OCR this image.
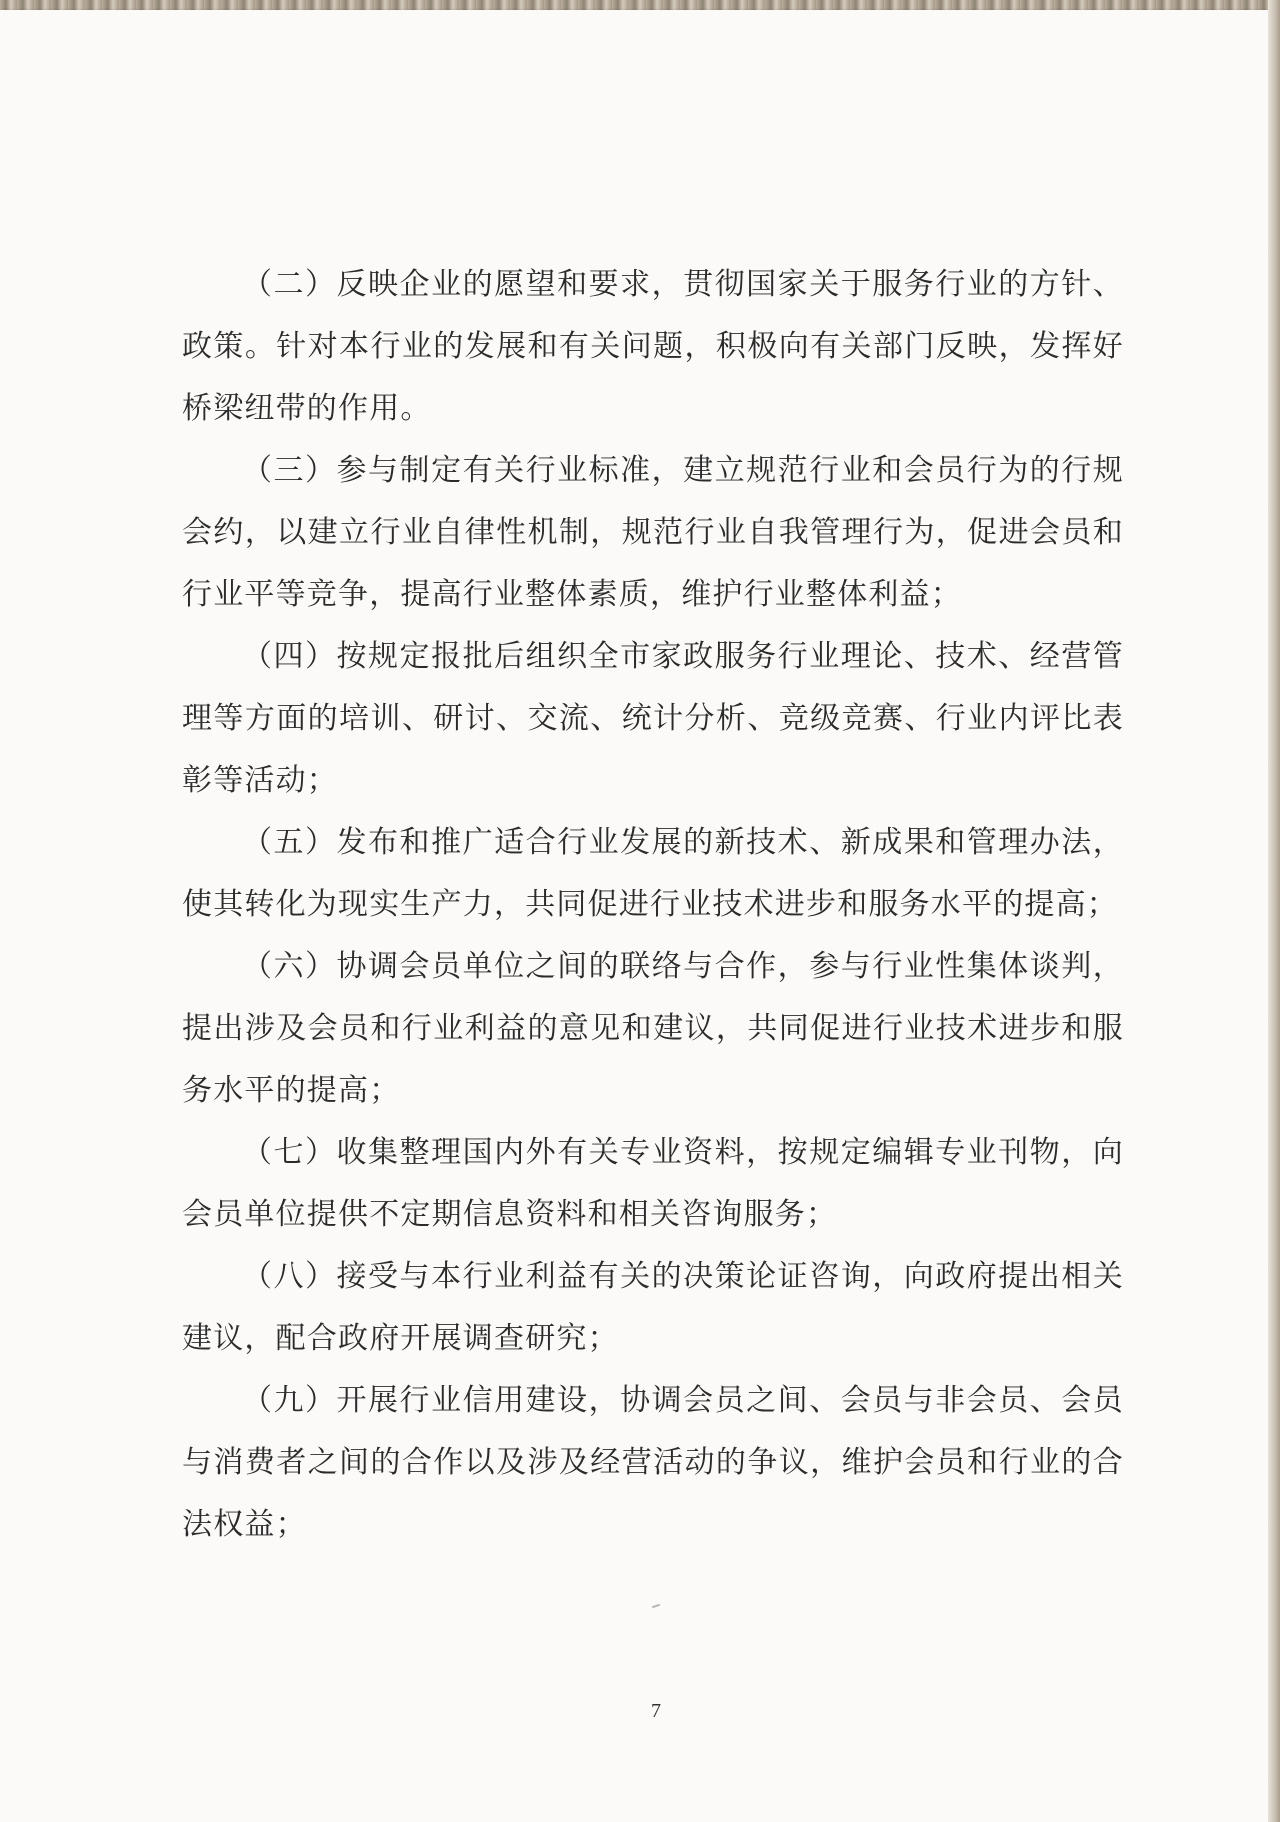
（二）反映企业的愿望和要求，贯彻国家关于服务行业的方针、政策。针对本行业的发展和有关问题，积极向有关部门反映，发挥好桥梁纽带的作用。

（三）参与制定有关行业标准，建立规范行业和会员行为的行规会约，以建立行业自律性机制，规范行业自我管理行为，促进会员和行业平等竞争，提高行业整体素质，维护行业整体利益；

（四）按规定报批后组织全市家政服务行业理论、技术、经营管理等方面的培训、研讨、交流、统计分析、竞级竞赛、行业内评比表彰等活动；

（五）发布和推广适合行业发展的新技术、新成果和管理办法，使其转化为现实生产力，共同促进行业技术进步和服务水平的提高；

（六）协调会员单位之间的联络与合作，参与行业性集体谈判，提出涉及会员和行业利益的意见和建议，共同促进行业技术进步和服务水平的提高；

（七）收集整理国内外有关专业资料，按规定编辑专业刊物，向会员单位提供不定期信息资料和相关咨询服务；

（八）接受与本行业利益有关的决策论证咨询，向政府提出相关建议，配合政府开展调查研究；

（九）开展行业信用建设，协调会员之间、会员与非会员、会员与消费者之间的合作以及涉及经营活动的争议，维护会员和行业的合法权益；

7
